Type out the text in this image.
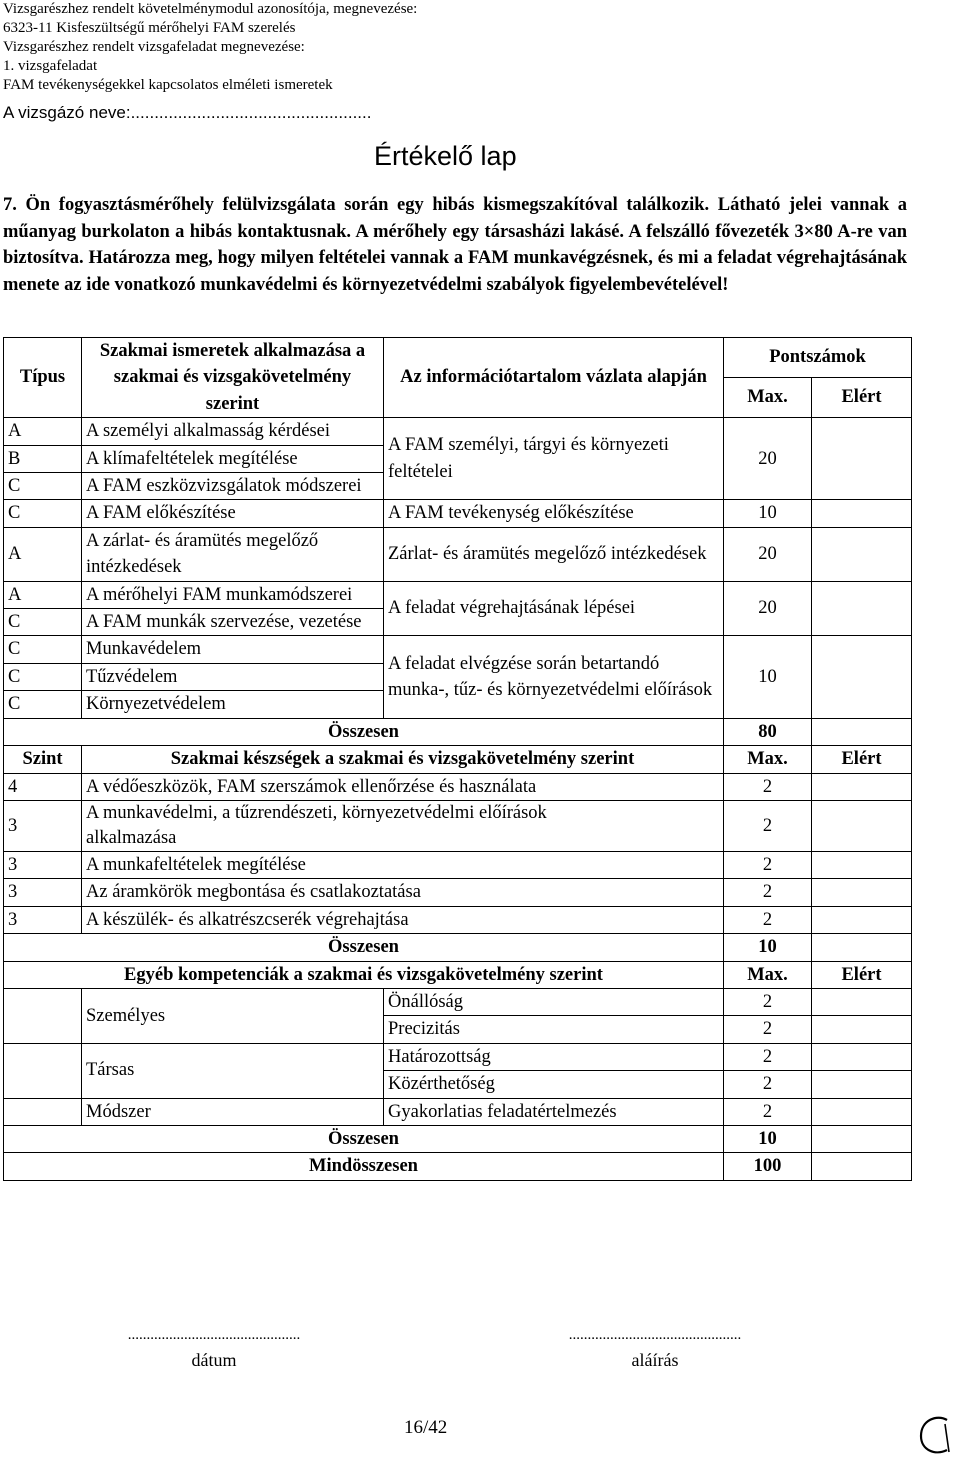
Vizsgarészhez rendelt követelménymodul azonosítója, megnevezése:
6323-11 Kisfeszültségű mérőhelyi FAM szerelés
Vizsgarészhez rendelt vizsgafeladat megnevezése:
1. vizsgafeladat
FAM tevékenységekkel kapcsolatos elméleti ismeretek
A vizsgázó neve:...................................................
Értékelő lap
7. Ön fogyasztásmérőhely felülvizsgálata során egy hibás kismegszakítóval találkozik. Látható jelei vannak a műanyag burkolaton a hibás kontaktusnak. A mérőhely egy társasházi lakásé. A felszálló fővezeték 3×80 A-re van biztosítva. Határozza meg, hogy milyen feltételei vannak a FAM munkavégzésnek, és mi a feladat végrehajtásának menete az ide vonatkozó munkavédelmi és környezetvédelmi szabályok figyelembevételével!
Típus	Szakmai ismeretek alkalmazása a szakmai és vizsgakövetelmény szerint	Az információtartalom vázlata alapján	Pontszámok	
			Max.	Elért
A	A személyi alkalmasság kérdései	A FAM személyi, tárgyi és környezeti feltételei	20	
B	A klímafeltételek megítélése			
C	A FAM eszközvizsgálatok módszerei			
C	A FAM előkészítése	A FAM tevékenység előkészítése	10	
A	A zárlat- és áramütés megelőző intézkedések	Zárlat- és áramütés megelőző intézkedések	20	
A	A mérőhelyi FAM munkamódszerei	A feladat végrehajtásának lépései	20	
C	A FAM munkák szervezése, vezetése			
C	Munkavédelem	A feladat elvégzése során betartandó munka-, tűz- és környezetvédelmi előírások	10	
C	Tűzvédelem			
C	Környezetvédelem			
Összesen			80	
Szint	Szakmai készségek a szakmai és vizsgakövetelmény szerint		Max.	Elért
4	A védőeszközök, FAM szerszámok ellenőrzése és használata		2	
3	A munkavédelmi, a tűzrendészeti, környezetvédelmi előírások
alkalmazása		2	
3	A munkafeltételek megítélése		2	
3	Az áramkörök megbontása és csatlakoztatása		2	
3	A készülék- és alkatrészcserék végrehajtása		2	
Összesen			10	
Egyéb kompetenciák a szakmai és vizsgakövetelmény szerint			Max.	Elért
	Személyes	Önállóság	2	
		Precizitás	2	
	Társas	Határozottság	2	
		Közérthetőség	2	
	Módszer	Gyakorlatias feladatértelmezés	2	
Összesen			10	
Mindösszesen			100	
..............................................
dátum
..............................................
aláírás
16/42
